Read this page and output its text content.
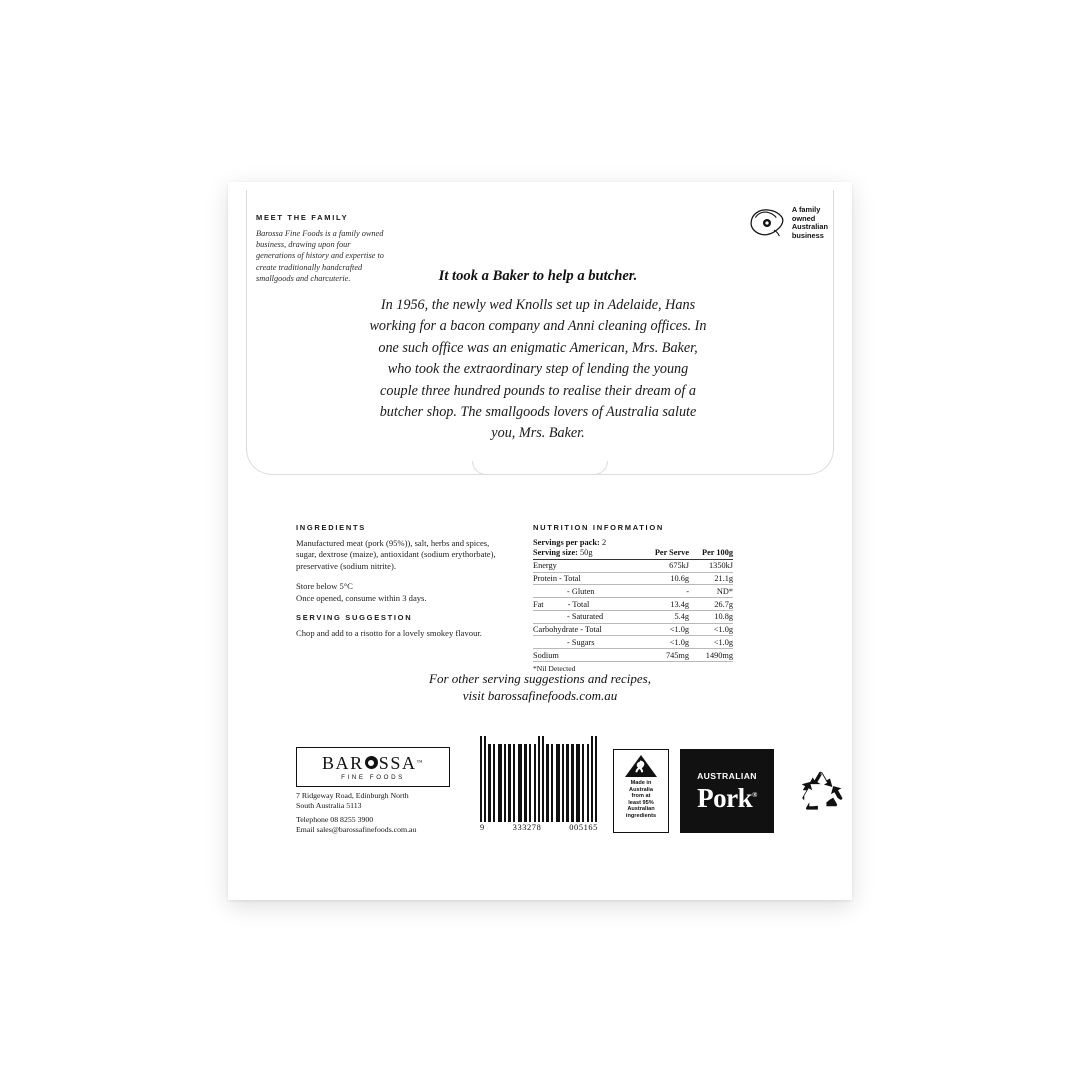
MEET THE FAMILY
Barossa Fine Foods is a family owned business, drawing upon four generations of history and expertise to create traditionally handcrafted smallgoods and charcuterie.
A family
owned
Australian
business
It took a Baker to help a butcher.

In 1956, the newly wed Knolls set up in Adelaide, Hans working for a bacon company and Anni cleaning offices. In one such office was an enigmatic American, Mrs. Baker, who took the extraordinary step of lending the young couple three hundred pounds to realise their dream of a butcher shop. The smallgoods lovers of Australia salute you, Mrs. Baker.

INGREDIENTS
Manufactured meat (pork (95%)), salt, herbs and spices, sugar, dextrose (maize), antioxidant (sodium erythorbate), preservative (sodium nitrite).
Store below 5°C
Once opened, consume within 3 days.
SERVING SUGGESTION
Chop and add to a risotto for a lovely smokey flavour.
NUTRITION INFORMATION
Servings per pack: 2
Serving size: 50g	Per Serve	Per 100g
Energy	675kJ	1350kJ
Protein - Total	10.6g	21.1g
- Gluten	-	ND*
Fat - Total	13.4g	26.7g
- Saturated	5.4g	10.8g
Carbohydrate - Total	<1.0g	<1.0g
- Sugars	<1.0g	<1.0g
Sodium	745mg	1490mg
*Nil Detected
For other serving suggestions and recipes,
visit barossafinefoods.com.au
BAR SSA ™
FINE FOODS
7 Ridgeway Road, Edinburgh North
South Australia 5113
Telephone 08 8255 3900
Email sales@barossafinefoods.com.au	9	333278	005165
Made in
Australia
from at
least 95%
Australian
ingredients
AUSTRALIAN
Pork®
